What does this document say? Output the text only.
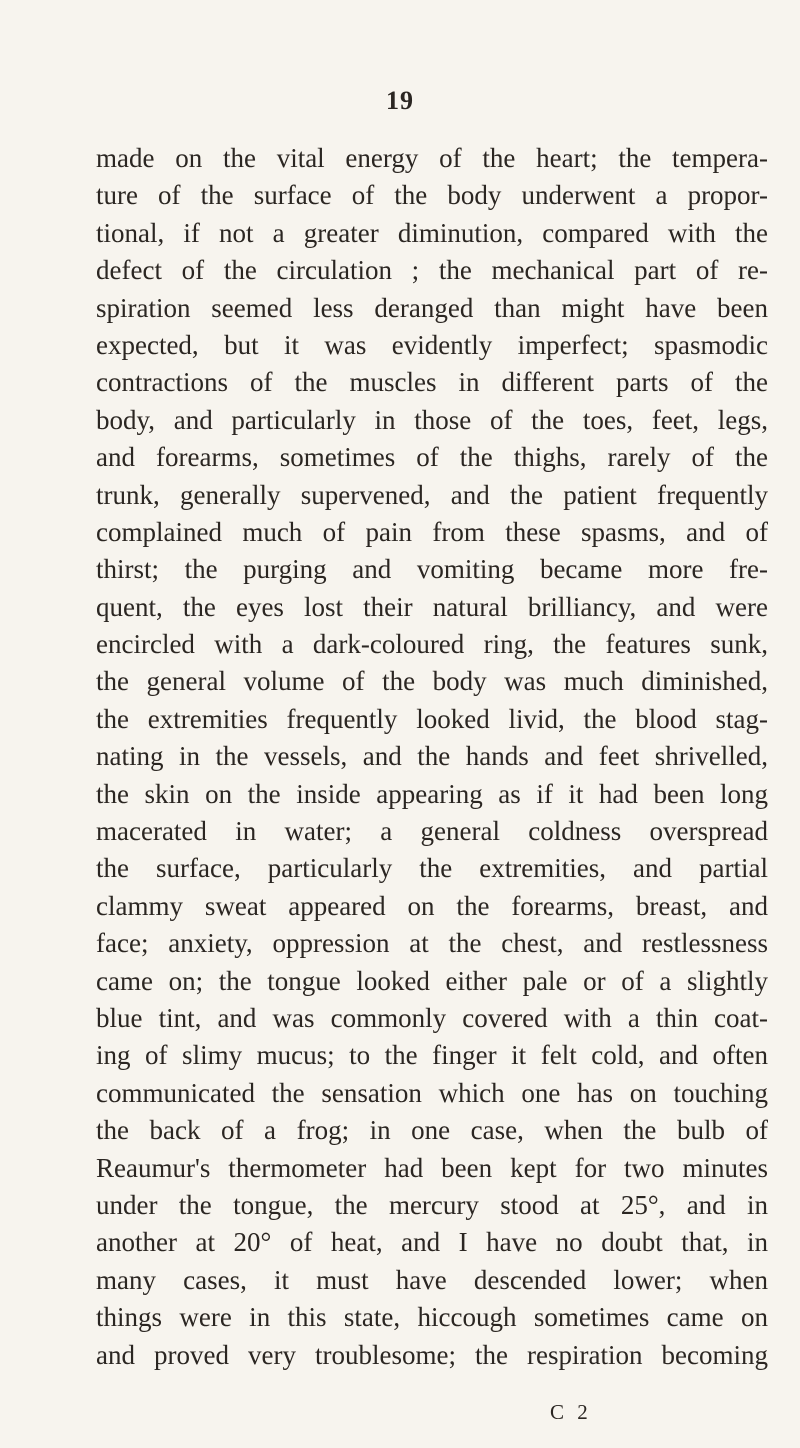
19
made on the vital energy of the heart; the tempera-
ture of the surface of the body underwent a propor-
tional, if not a greater diminution, compared with the
defect of the circulation ; the mechanical part of re-
spiration seemed less deranged than might have been
expected, but it was evidently imperfect; spasmodic
contractions of the muscles in different parts of the
body, and particularly in those of the toes, feet, legs,
and forearms, sometimes of the thighs, rarely of the
trunk, generally supervened, and the patient frequently
complained much of pain from these spasms, and of
thirst; the purging and vomiting became more fre-
quent, the eyes lost their natural brilliancy, and were
encircled with a dark-coloured ring, the features sunk,
the general volume of the body was much diminished,
the extremities frequently looked livid, the blood stag-
nating in the vessels, and the hands and feet shrivelled,
the skin on the inside appearing as if it had been long
macerated in water; a general coldness overspread
the surface, particularly the extremities, and partial
clammy sweat appeared on the forearms, breast, and
face; anxiety, oppression at the chest, and restlessness
came on; the tongue looked either pale or of a slightly
blue tint, and was commonly covered with a thin coat-
ing of slimy mucus; to the finger it felt cold, and often
communicated the sensation which one has on touching
the back of a frog; in one case, when the bulb of
Reaumur's thermometer had been kept for two minutes
under the tongue, the mercury stood at 25°, and in
another at 20° of heat, and I have no doubt that, in
many cases, it must have descended lower; when
things were in this state, hiccough sometimes came on
and proved very troublesome; the respiration becoming
C 2
